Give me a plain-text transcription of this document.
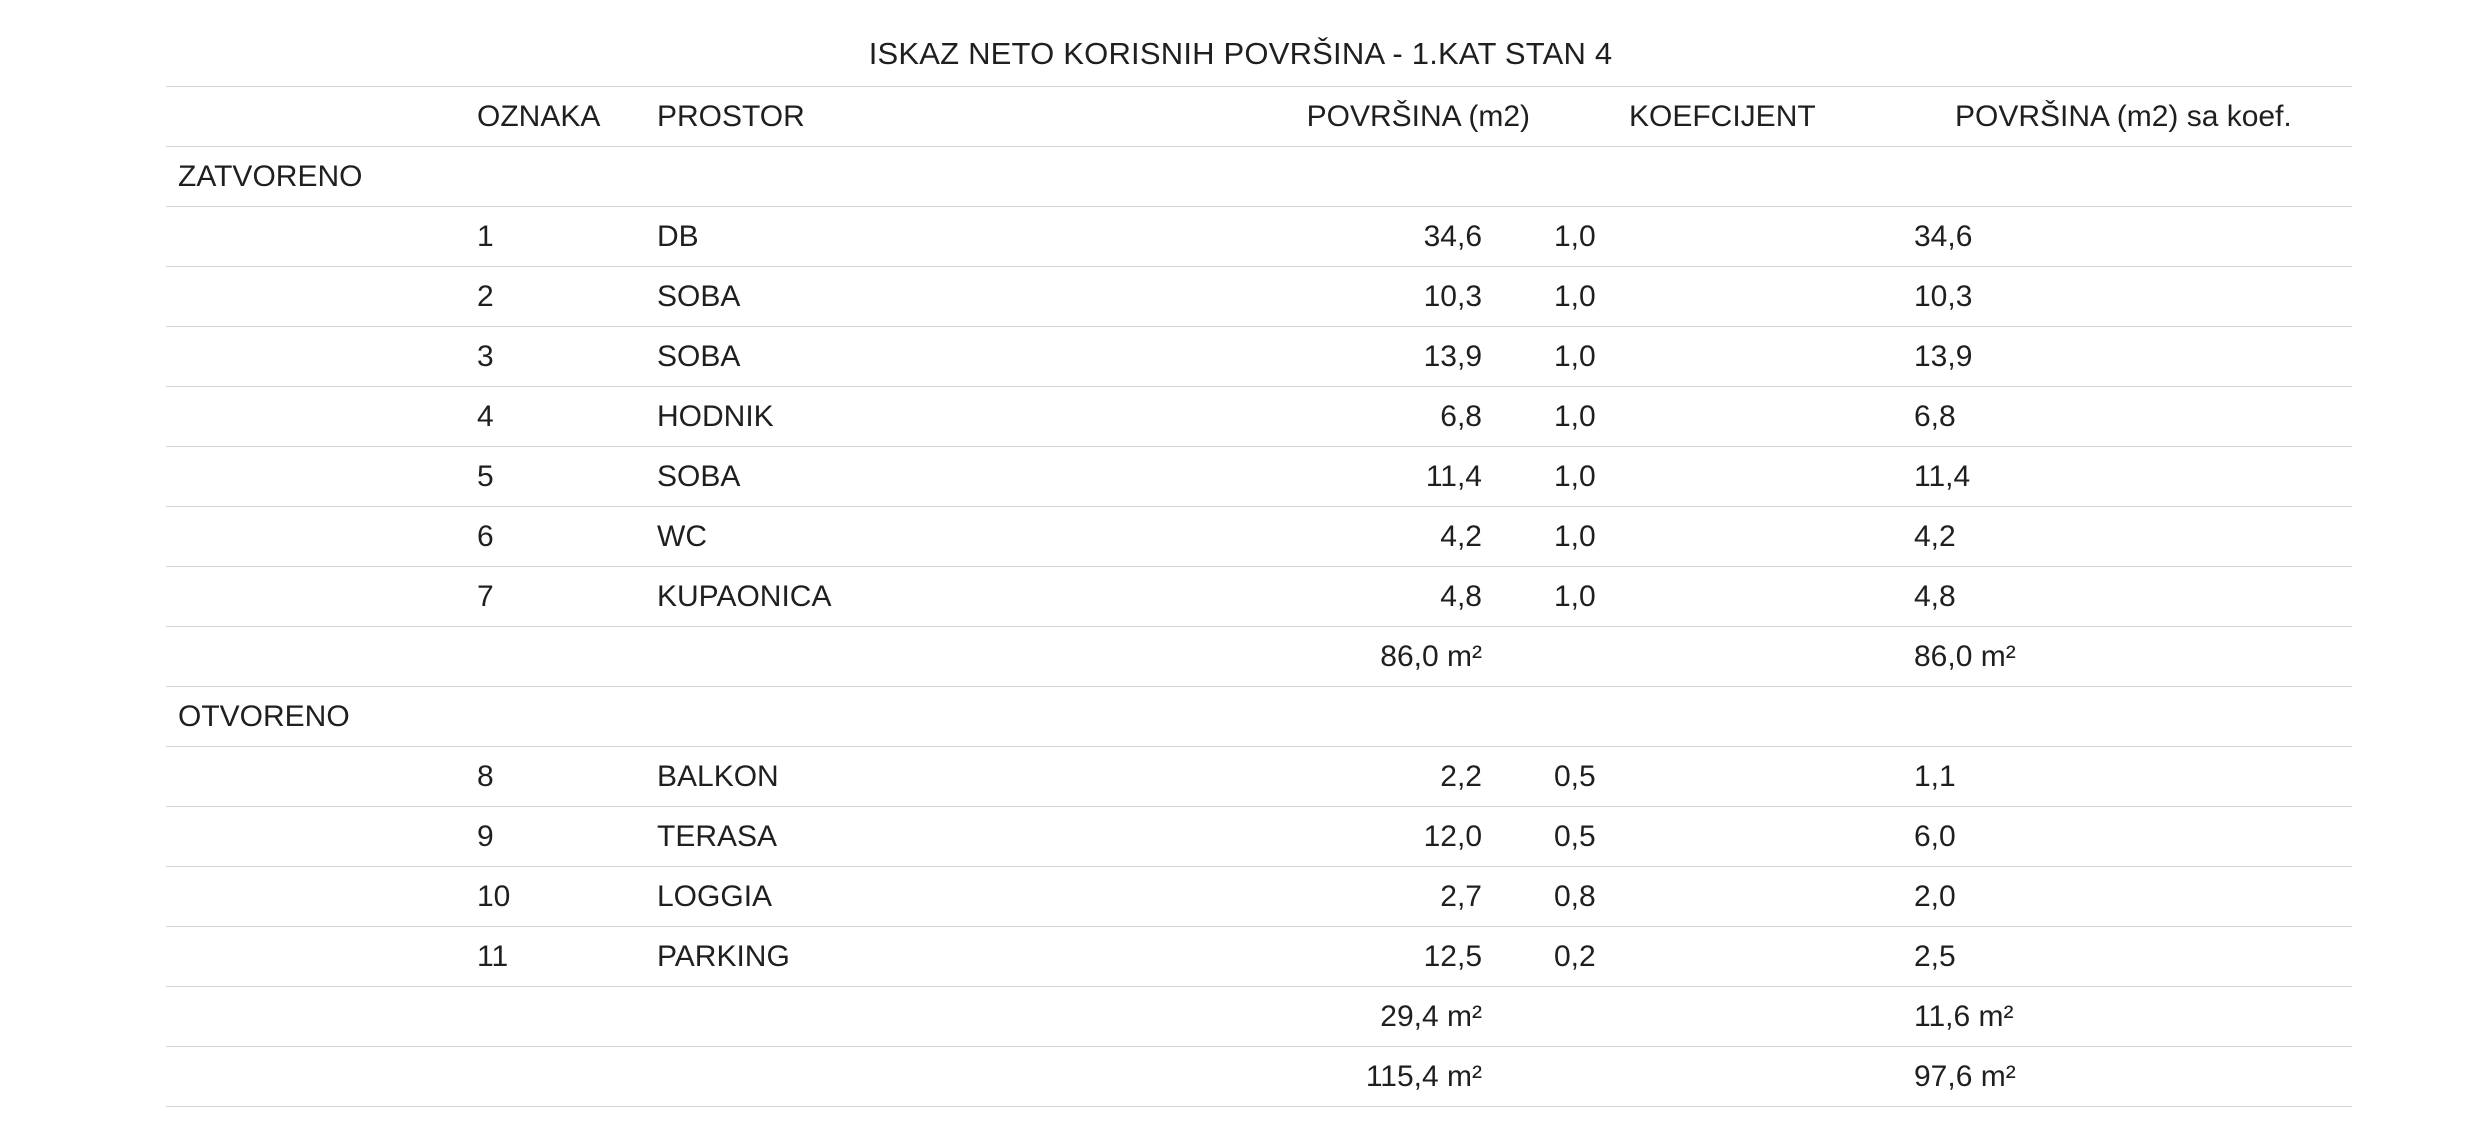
ISKAZ NETO KORISNIH POVRŠINA - 1.KAT STAN 4
OZNAKA PROSTOR	POVRŠINA (m2)	KOEFCIJENT	POVRŠINA (m2) sa koef.
ZATVORENO
1	DB	34,6 1,0	34,6
2	SOBA	10,3 1,0	10,3
3	SOBA	13,9 1,0	13,9
4	HODNIK	6,8 1,0	6,8
5	SOBA	11,4 1,0	11,4
6	WC	4,2 1,0	4,2
7	KUPAONICA	4,8 1,0	4,8
86,0 m²	86,0 m²
OTVORENO
8	BALKON	2,2 0,5	1,1
9	TERASA	12,0 0,5	6,0
10	LOGGIA	2,7 0,8	2,0
11	PARKING	12,5 0,2	2,5
29,4 m²	11,6 m²
115,4 m²	97,6 m²
